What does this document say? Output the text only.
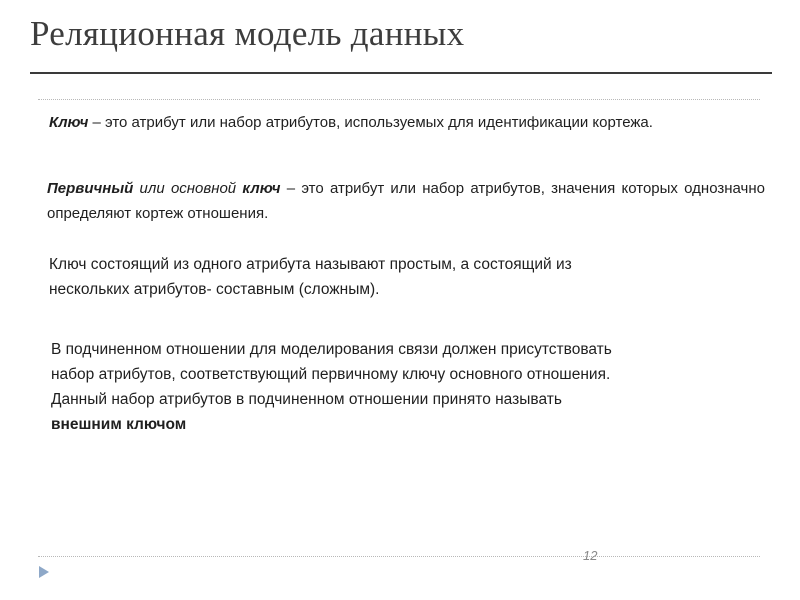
Реляционная модель данных

Ключ – это атрибут или набор атрибутов, используемых для идентификации кортежа.

Первичный или основной ключ – это атрибут или набор атрибутов, значения которых однозначно определяют кортеж отношения.

Ключ состоящий из одного атрибута называют простым, а состоящий из
нескольких атрибутов- составным (сложным).

В подчиненном отношении для моделирования связи должен присутствовать
набор атрибутов, соответствующий первичному ключу основного отношения.
Данный набор атрибутов в подчиненном отношении принято называть
внешним ключом

12
